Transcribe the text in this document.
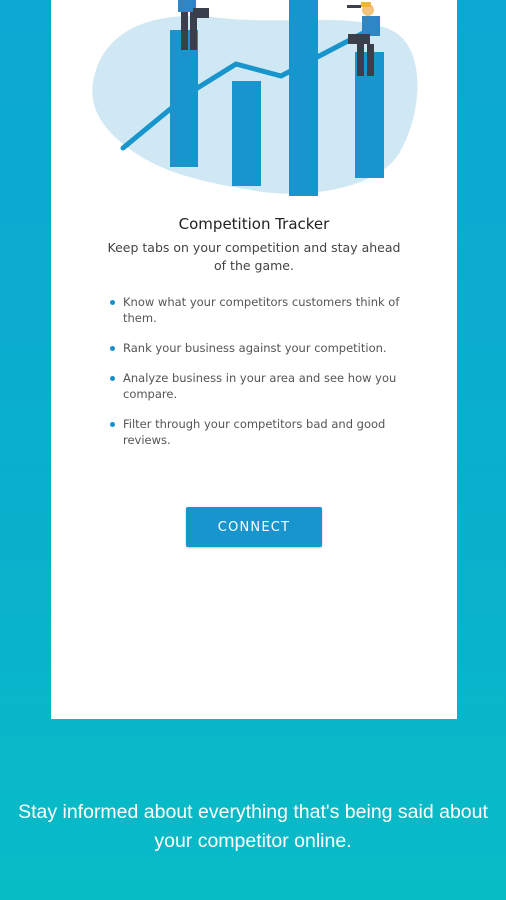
Competition Tracker
Keep tabs on your competition and stay ahead of the game.
Know what your competitors customers think of them.
Rank your business against your competition.
Analyze business in your area and see how you compare.
Filter through your competitors bad and good reviews.
CONNECT
Stay informed about everything that's being said about your competitor online.
